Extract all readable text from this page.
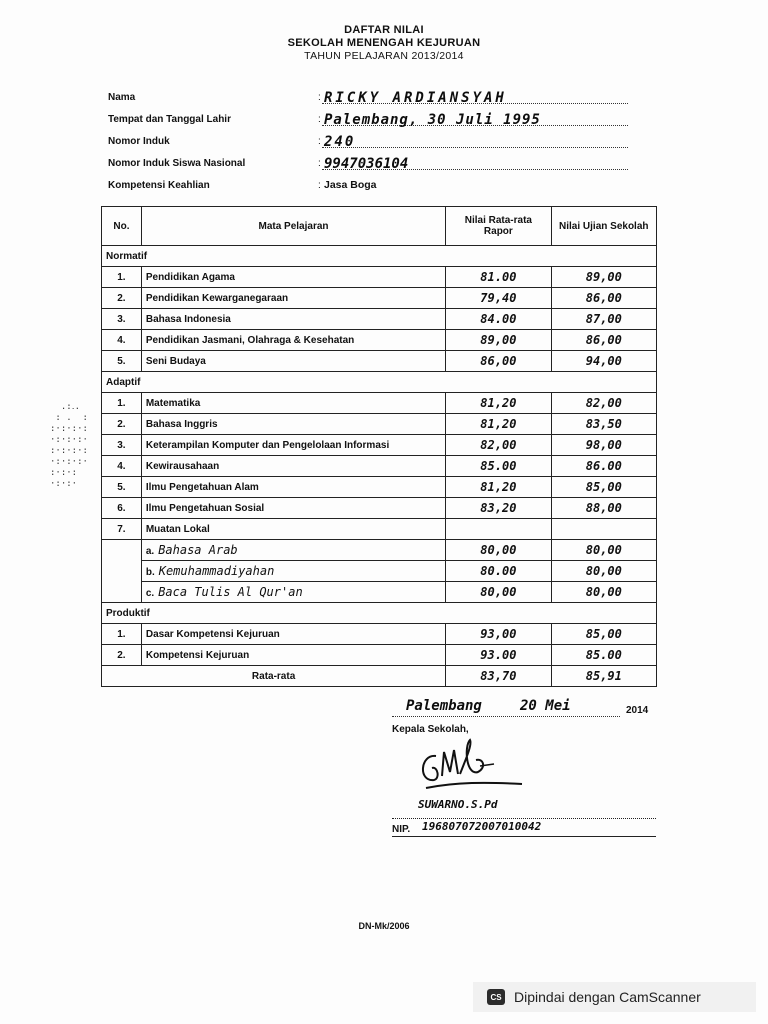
DAFTAR NILAI
SEKOLAH MENENGAH KEJURUAN
TAHUN PELAJARAN 2013/2014
Nama	: RICKY ARDIANSYAH
Tempat dan Tanggal Lahir	: Palembang, 30 Juli 1995
Nomor Induk	: 240
Nomor Induk Siswa Nasional	: 9947036104
Kompetensi Keahlian	: Jasa Boga
No.	Mata Pelajaran	Nilai Rata-rata Rapor	Nilai Ujian Sekolah
Normatif			
1.	Pendidikan Agama	81.00	89,00
2.	Pendidikan Kewarganegaraan	79,40	86,00
3.	Bahasa Indonesia	84.00	87,00
4.	Pendidikan Jasmani, Olahraga & Kesehatan	89,00	86,00
5.	Seni Budaya	86,00	94,00
Adaptif			
1.	Matematika	81,20	82,00
2.	Bahasa Inggris	81,20	83,50
3.	Keterampilan Komputer dan Pengelolaan Informasi	82,00	98,00
4.	Kewirausahaan	85.00	86.00
5.	Ilmu Pengetahuan Alam	81,20	85,00
6.	Ilmu Pengetahuan Sosial	83,20	88,00
7.	Muatan Lokal		
	a. Bahasa Arab	80,00	80,00
	b. Kemuhammadiyahan	80.00	80,00
	c. Baca Tulis Al Qur'an	80,00	80,00
Produktif			
1.	Dasar Kompetensi Kejuruan	93,00	85,00
2.	Kompetensi Kejuruan	93.00	85.00
Rata-rata		83,70	85,91
.:․.
: .  :
:·:·:·:
·:·:·:·
:·:·:·:
·:·:·:·
:·:·:
·:·:·
Palembang	20 Mei	2014
Kepala Sekolah,
SUWARNO.S.Pd
NIP. 196807072007010042
DN-Mk/2006
CS Dipindai dengan CamScanner
